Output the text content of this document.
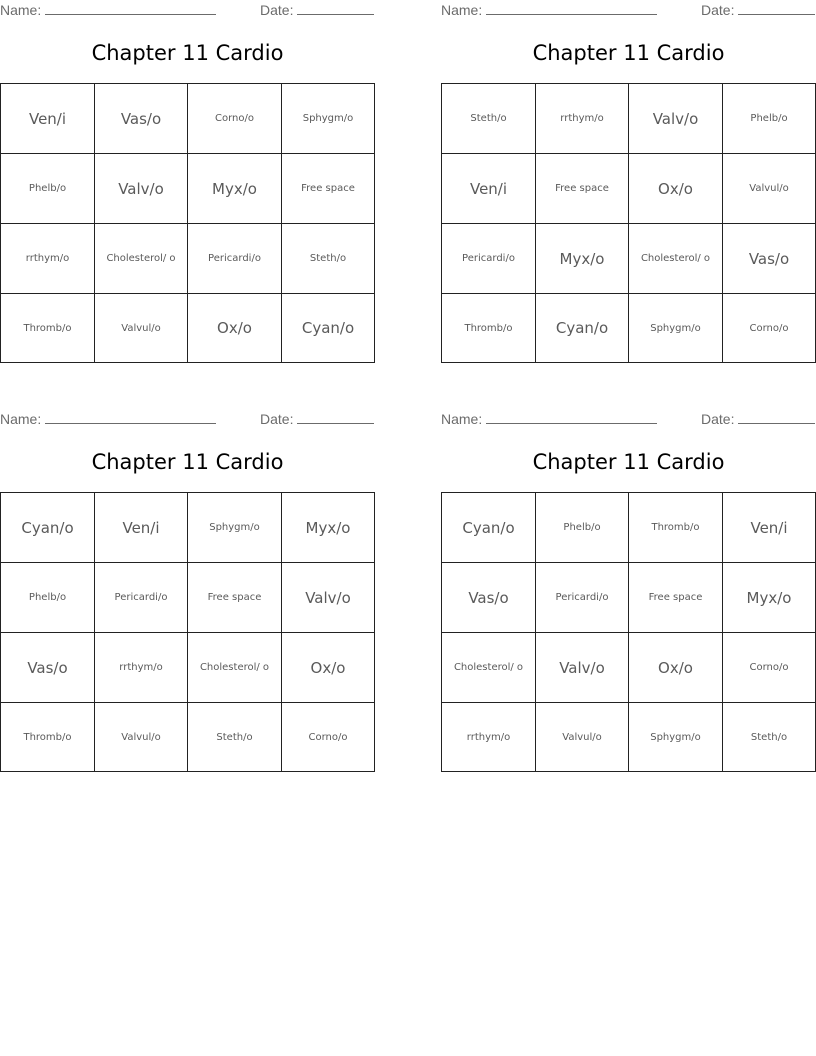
Name:	Date:
Chapter 11 Cardio
Ven/i	Vas/o	Corno/o	Sphygm/o
Phelb/o	Valv/o	Myx/o	Free space
rrthym/o	Cholesterol/ o	Pericardi/o	Steth/o
Thromb/o	Valvul/o	Ox/o	Cyan/o
Name:	Date:
Chapter 11 Cardio
Steth/o	rrthym/o	Valv/o	Phelb/o
Ven/i	Free space	Ox/o	Valvul/o
Pericardi/o	Myx/o	Cholesterol/ o	Vas/o
Thromb/o	Cyan/o	Sphygm/o	Corno/o
Name:	Date:
Chapter 11 Cardio
Cyan/o	Ven/i	Sphygm/o	Myx/o
Phelb/o	Pericardi/o	Free space	Valv/o
Vas/o	rrthym/o	Cholesterol/ o	Ox/o
Thromb/o	Valvul/o	Steth/o	Corno/o
Name:	Date:
Chapter 11 Cardio
Cyan/o	Phelb/o	Thromb/o	Ven/i
Vas/o	Pericardi/o	Free space	Myx/o
Cholesterol/ o	Valv/o	Ox/o	Corno/o
rrthym/o	Valvul/o	Sphygm/o	Steth/o
